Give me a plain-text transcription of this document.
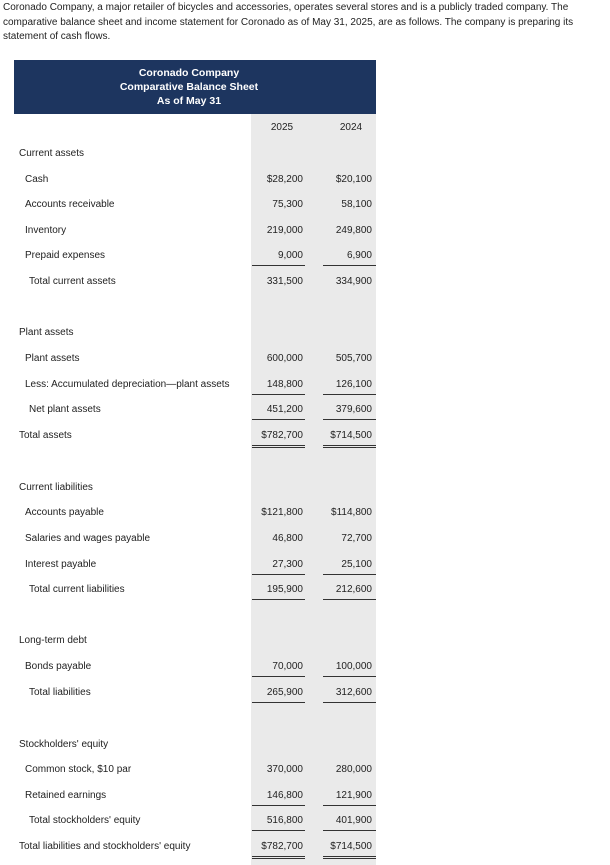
Coronado Company, a major retailer of bicycles and accessories, operates several stores and is a publicly traded company. The comparative balance sheet and income statement for Coronado as of May 31, 2025, are as follows. The company is preparing its statement of cash flows.
Coronado Company
Comparative Balance Sheet
As of May 31
2025	2024
Current assets
Cash	$28,200	$20,100
Accounts receivable	75,300	58,100
Inventory	219,000	249,800
Prepaid expenses	9,000	6,900
Total current assets	331,500	334,900
Plant assets
Plant assets	600,000	505,700
Less: Accumulated depreciation—plant assets	148,800	126,100
Net plant assets	451,200	379,600
Total assets	$782,700	$714,500
Current liabilities
Accounts payable	$121,800	$114,800
Salaries and wages payable	46,800	72,700
Interest payable	27,300	25,100
Total current liabilities	195,900	212,600
Long-term debt
Bonds payable	70,000	100,000
Total liabilities	265,900	312,600
Stockholders' equity
Common stock, $10 par	370,000	280,000
Retained earnings	146,800	121,900
Total stockholders' equity	516,800	401,900
Total liabilities and stockholders' equity	$782,700	$714,500
